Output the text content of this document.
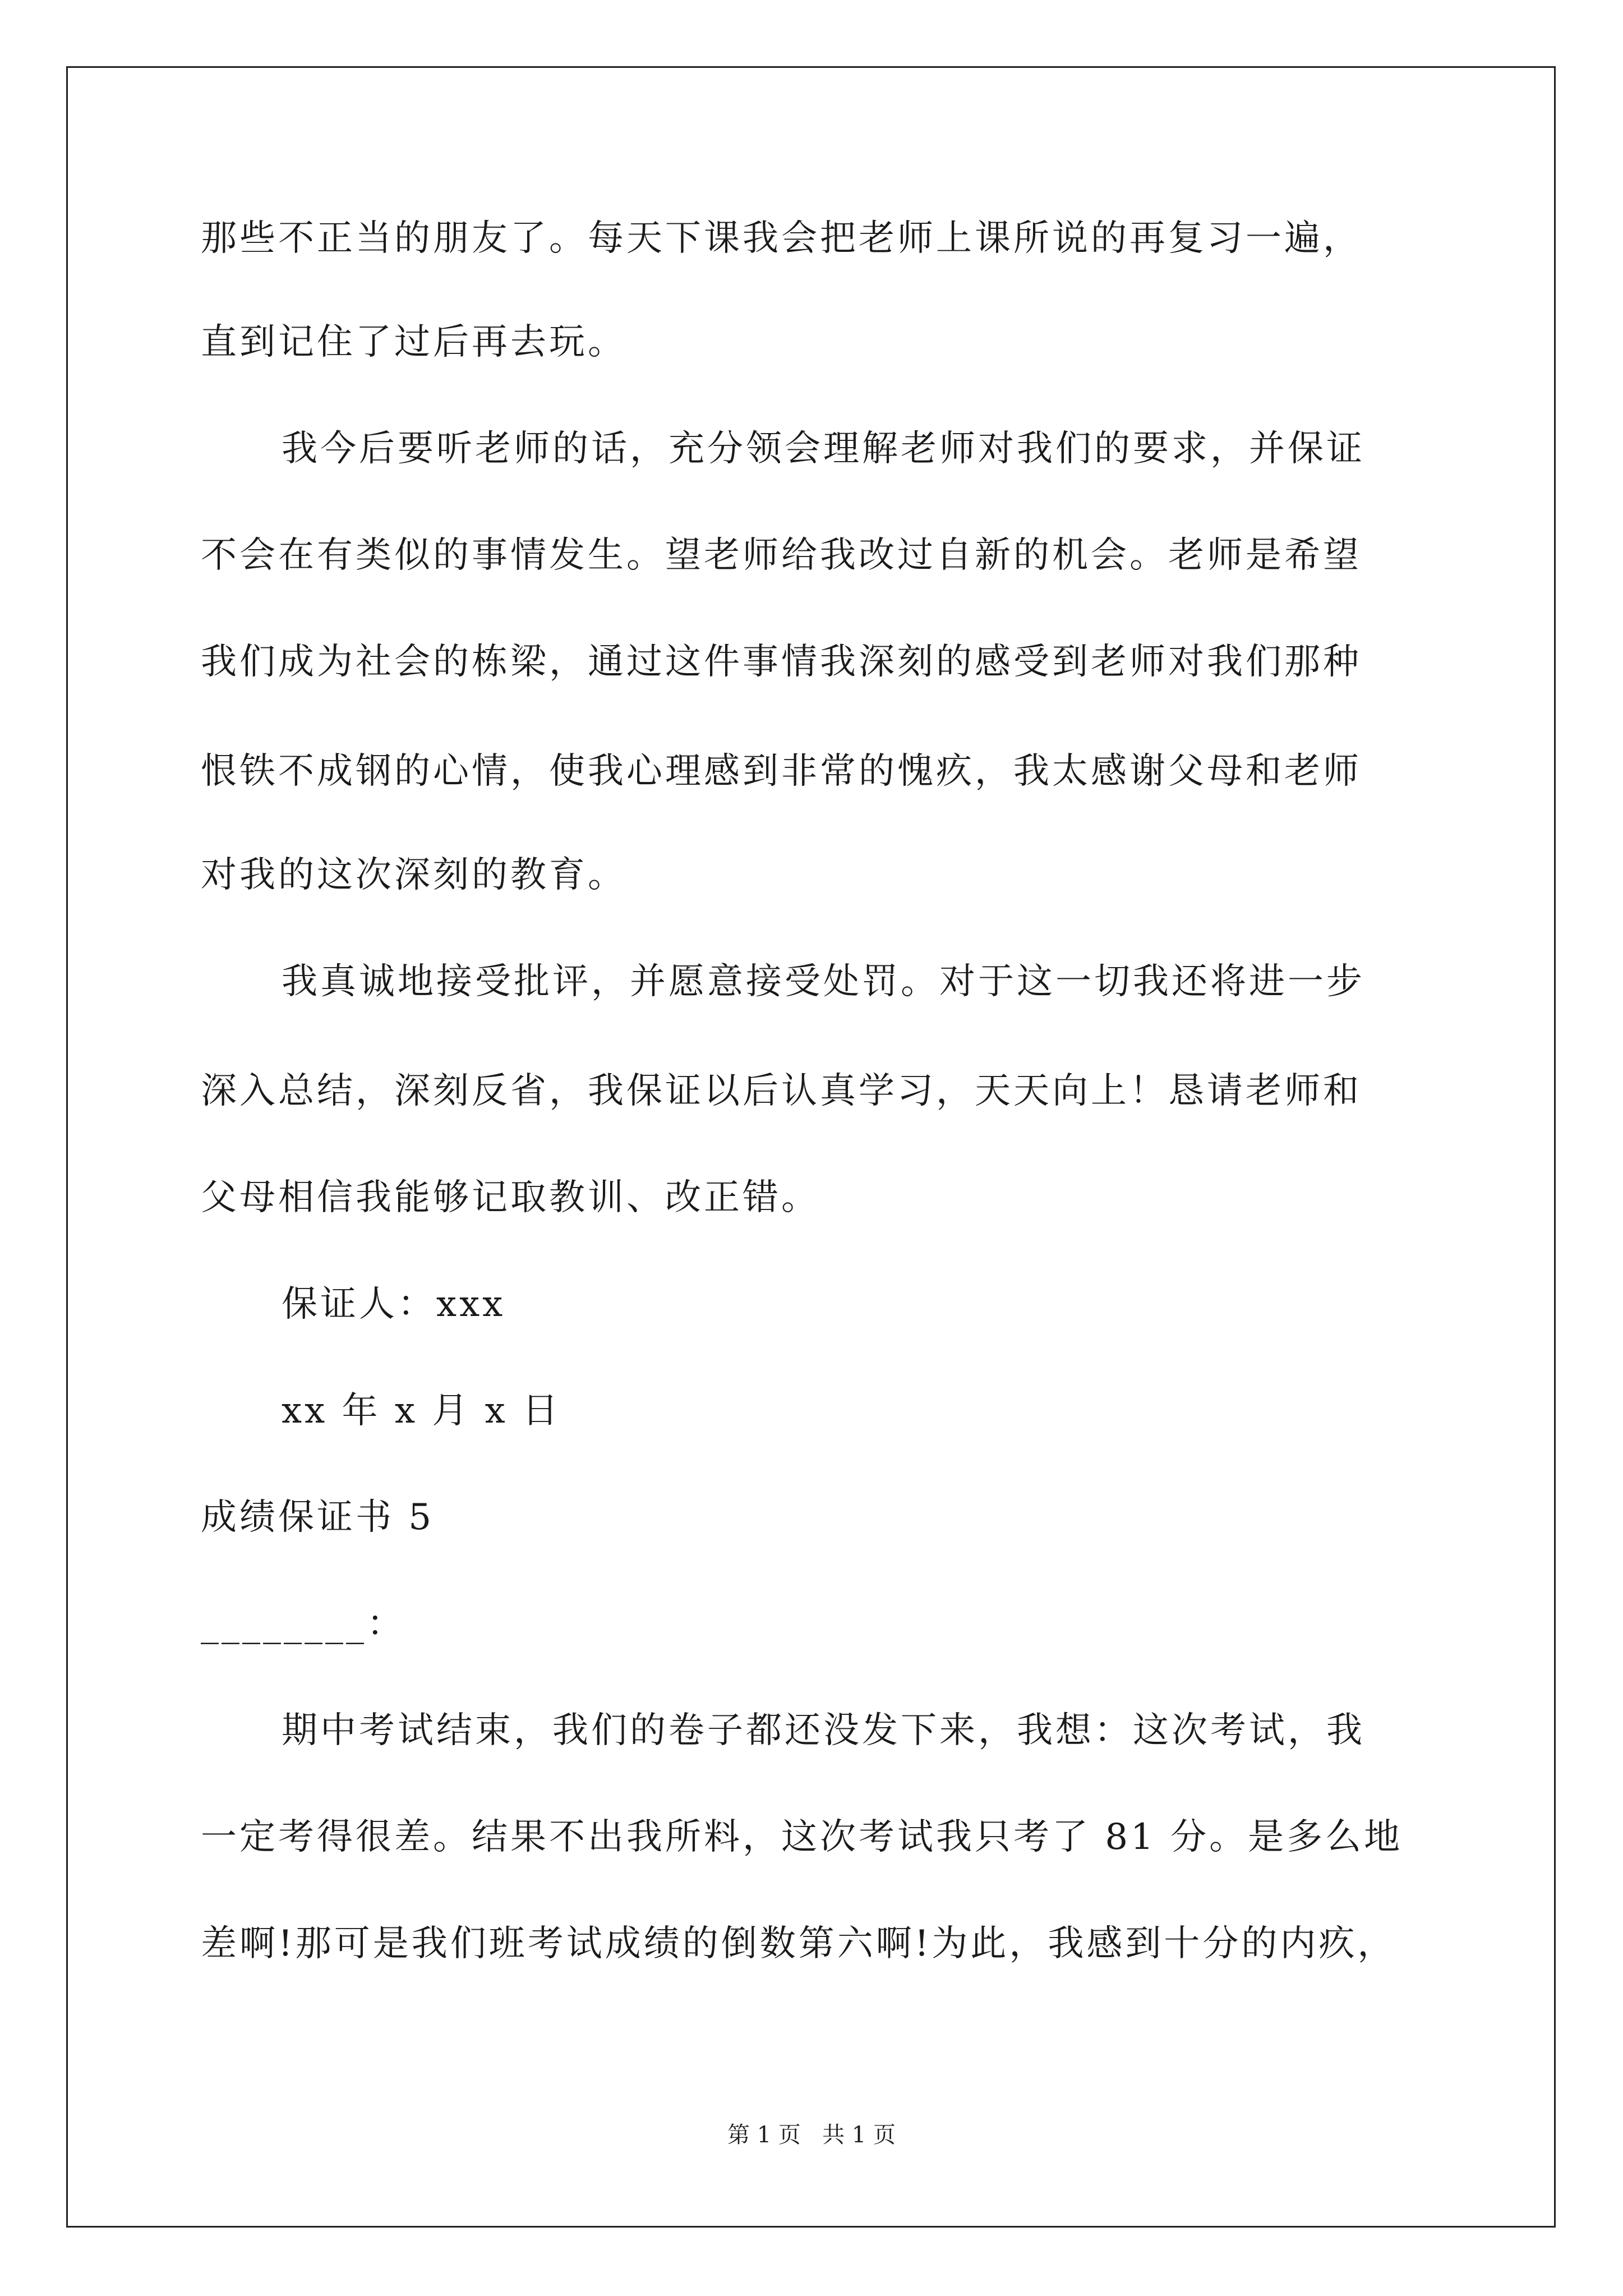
那些不正当的朋友了。每天下课我会把老师上课所说的再复习一遍，
直到记住了过后再去玩。
我今后要听老师的话，充分领会理解老师对我们的要求，并保证
不会在有类似的事情发生。望老师给我改过自新的机会。老师是希望
我们成为社会的栋梁，通过这件事情我深刻的感受到老师对我们那种
恨铁不成钢的心情，使我心理感到非常的愧疚，我太感谢父母和老师
对我的这次深刻的教育。
我真诚地接受批评，并愿意接受处罚。对于这一切我还将进一步
深入总结，深刻反省，我保证以后认真学习，天天向上！恳请老师和
父母相信我能够记取教训、改正错。
保证人：xxx
xx 年 x 月 x 日
成绩保证书 5
________：
期中考试结束，我们的卷子都还没发下来，我想：这次考试，我
一定考得很差。结果不出我所料，这次考试我只考了 81 分。是多么地
差啊!那可是我们班考试成绩的倒数第六啊!为此，我感到十分的内疚，
第 1 页   共 1 页
